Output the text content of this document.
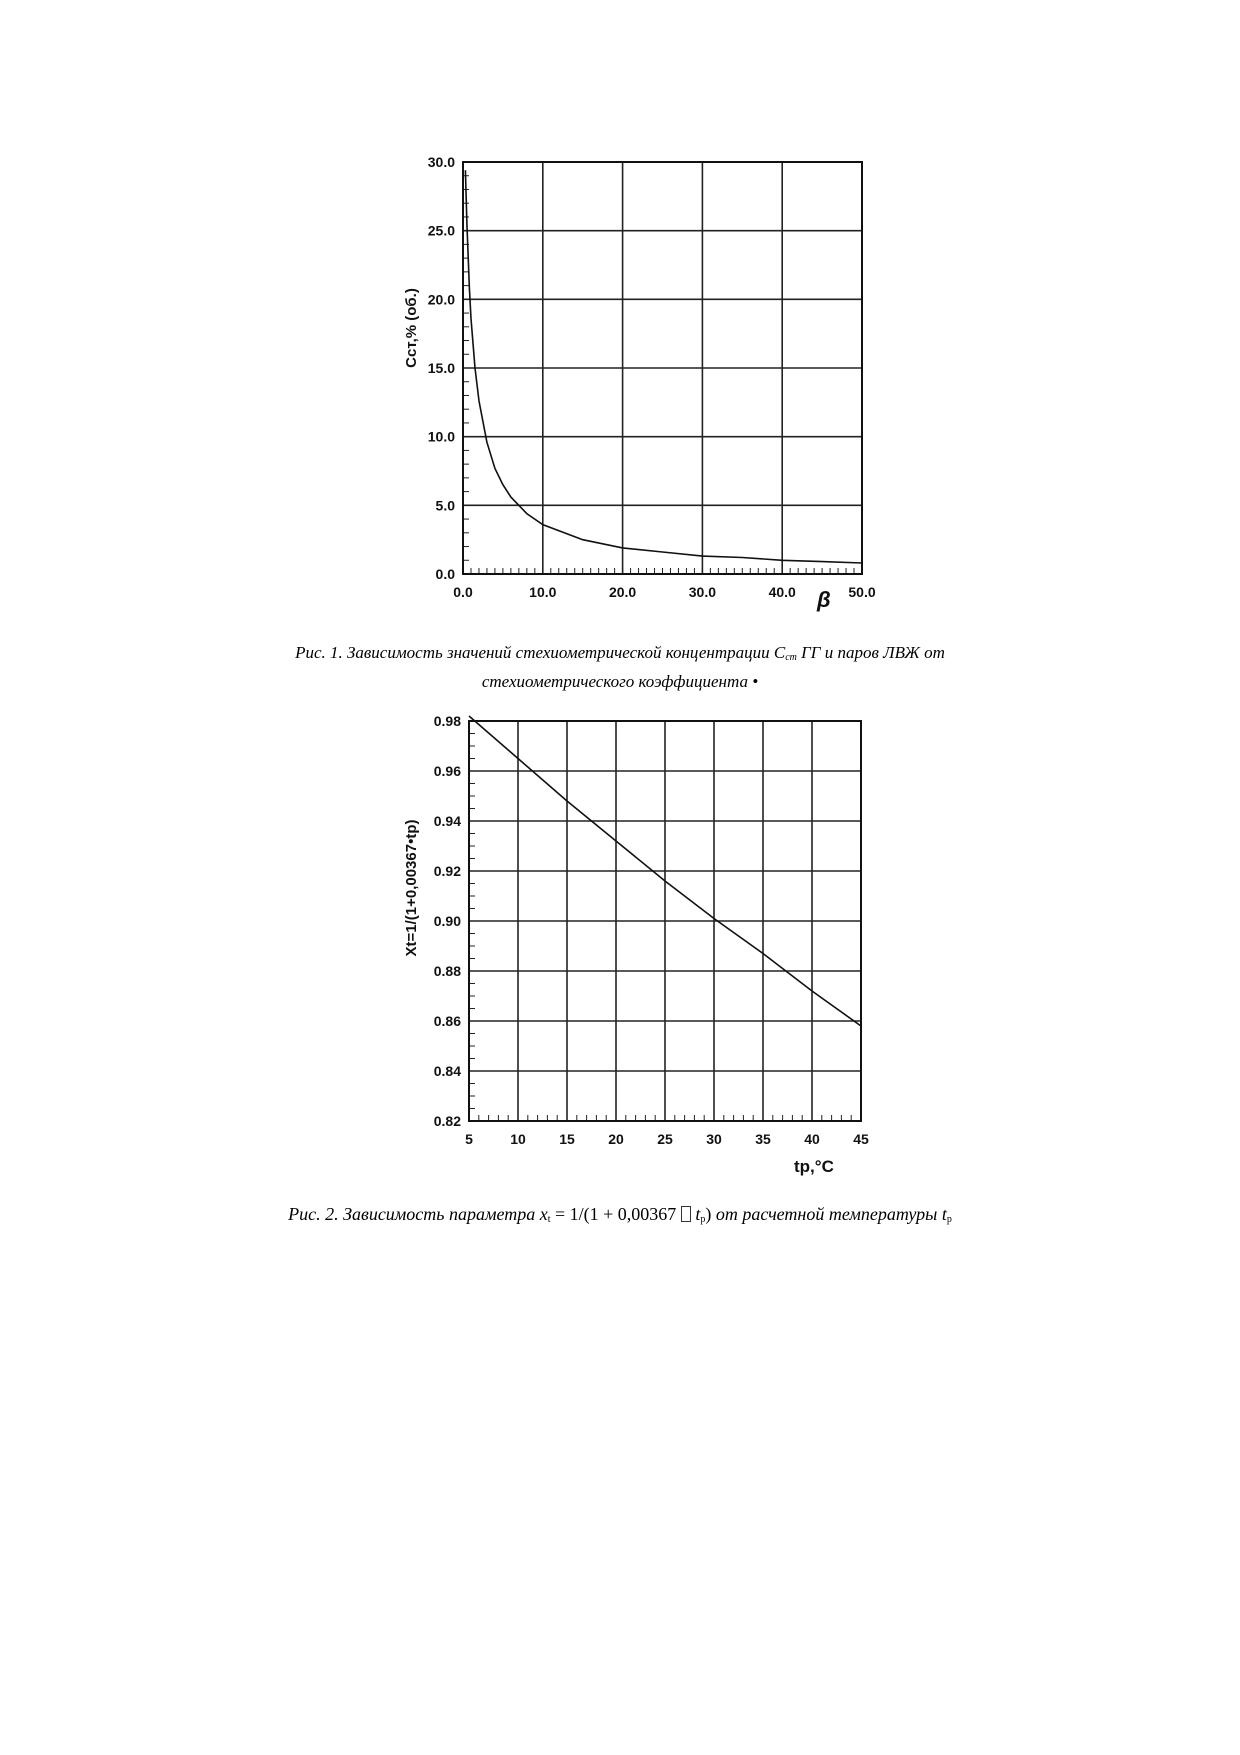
0.0
5.0
10.0
15.0
20.0
25.0
30.0
0.0	10.0	20.0	30.0	40.0	50.0
β
Cст,% (об.)
Рис. 1. Зависимость значений стехиометрической концентрации $С_{ст}$ ГГ и паров ЛВЖ от
стехиометрического коэффициента •
0.82
0.84
0.86
0.88
0.90
0.92
0.94
0.96
0.98
5	10 15 20 25 30 35 40 45
tp,°C
Xt=1/(1+0,00367•tp)
Рис. 2. Зависимость параметра $x_t = 1/(1 + 0,00367$  $t_p$) от расчетной температуры $t_p$
